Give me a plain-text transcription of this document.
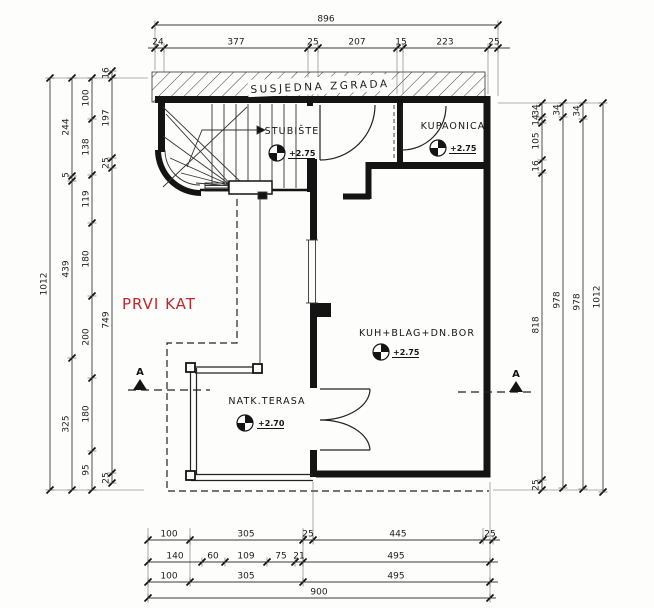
896
24	377	25	207	15	223	25
1012
244
5
439
325
100
138
119
180
200
180
95
16
197
25
749
25
34
14
105
16
818
25
34
978
34
978 1012
100	305	25	445	25
140	60 109 75 21	495
100	305	495
900
STUBIŠTE
+2.75
KUPAONICA
+2.75
KUH+BLAG+DN.BOR
+2.75
NATK.TERASA
+2.70
A	A
PRVI KAT
SUSJEDNA ZGRADA
